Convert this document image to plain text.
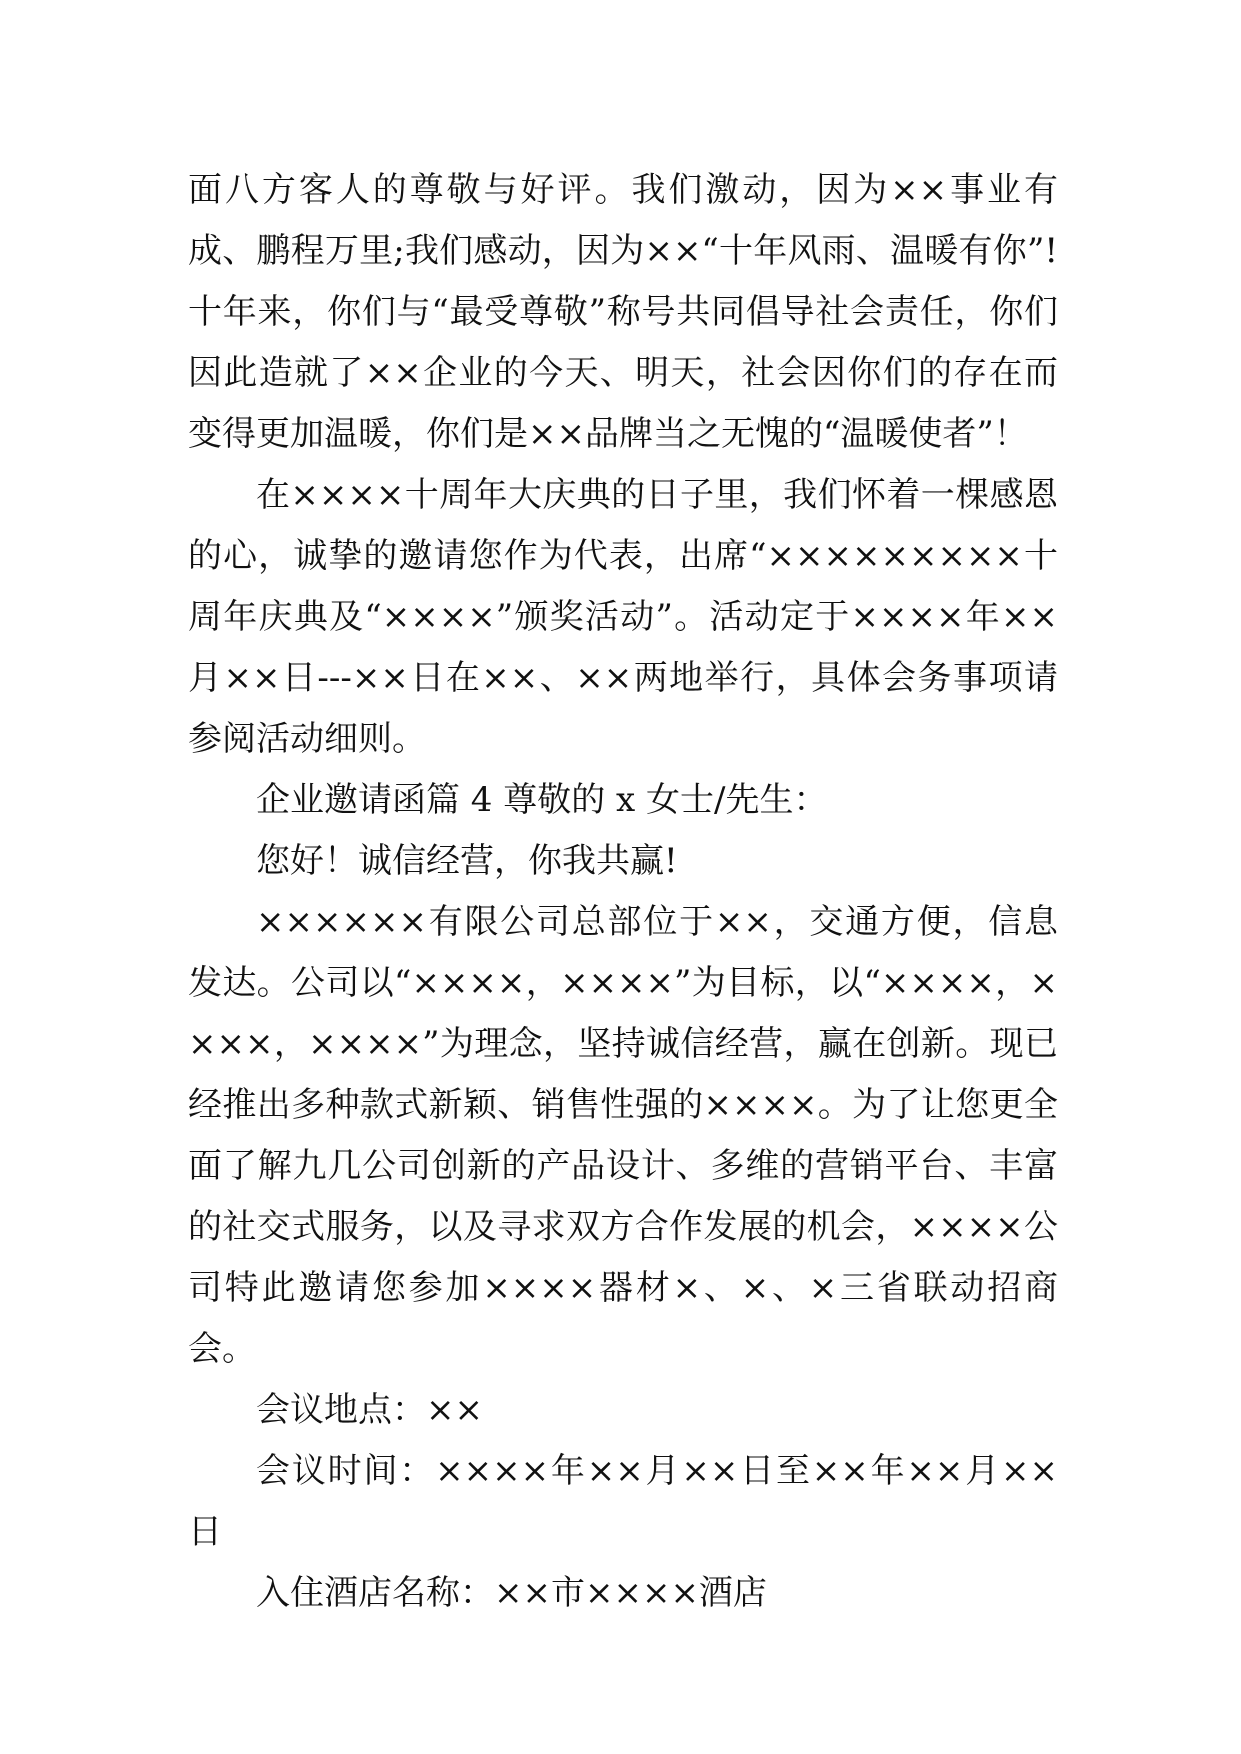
面八方客人的尊敬与好评。我们激动，因为××事业有成、鹏程万里;我们感动，因为××“十年风雨、温暖有你”!十年来，你们与“最受尊敬”称号共同倡导社会责任，你们因此造就了××企业的今天、明天，社会因你们的存在而变得更加温暖，你们是××品牌当之无愧的“温暖使者”！

在××××十周年大庆典的日子里，我们怀着一棵感恩的心，诚挚的邀请您作为代表，出席“×××××××××十周年庆典及“××××”颁奖活动”。活动定于××××年××月××日---××日在××、××两地举行，具体会务事项请参阅活动细则。

企业邀请函篇 4 尊敬的 x 女士/先生：

您好！诚信经营，你我共赢!

××××××有限公司总部位于××，交通方便，信息发达。公司以“××××，××××”为目标，以“××××，××××，××××”为理念，坚持诚信经营，赢在创新。现已经推出多种款式新颖、销售性强的××××。为了让您更全面了解九几公司创新的产品设计、多维的营销平台、丰富的社交式服务，以及寻求双方合作发展的机会，××××公司特此邀请您参加××××器材×、×、×三省联动招商会。

会议地点：××

会议时间：××××年××月××日至××年××月××日

入住酒店名称：××市××××酒店
